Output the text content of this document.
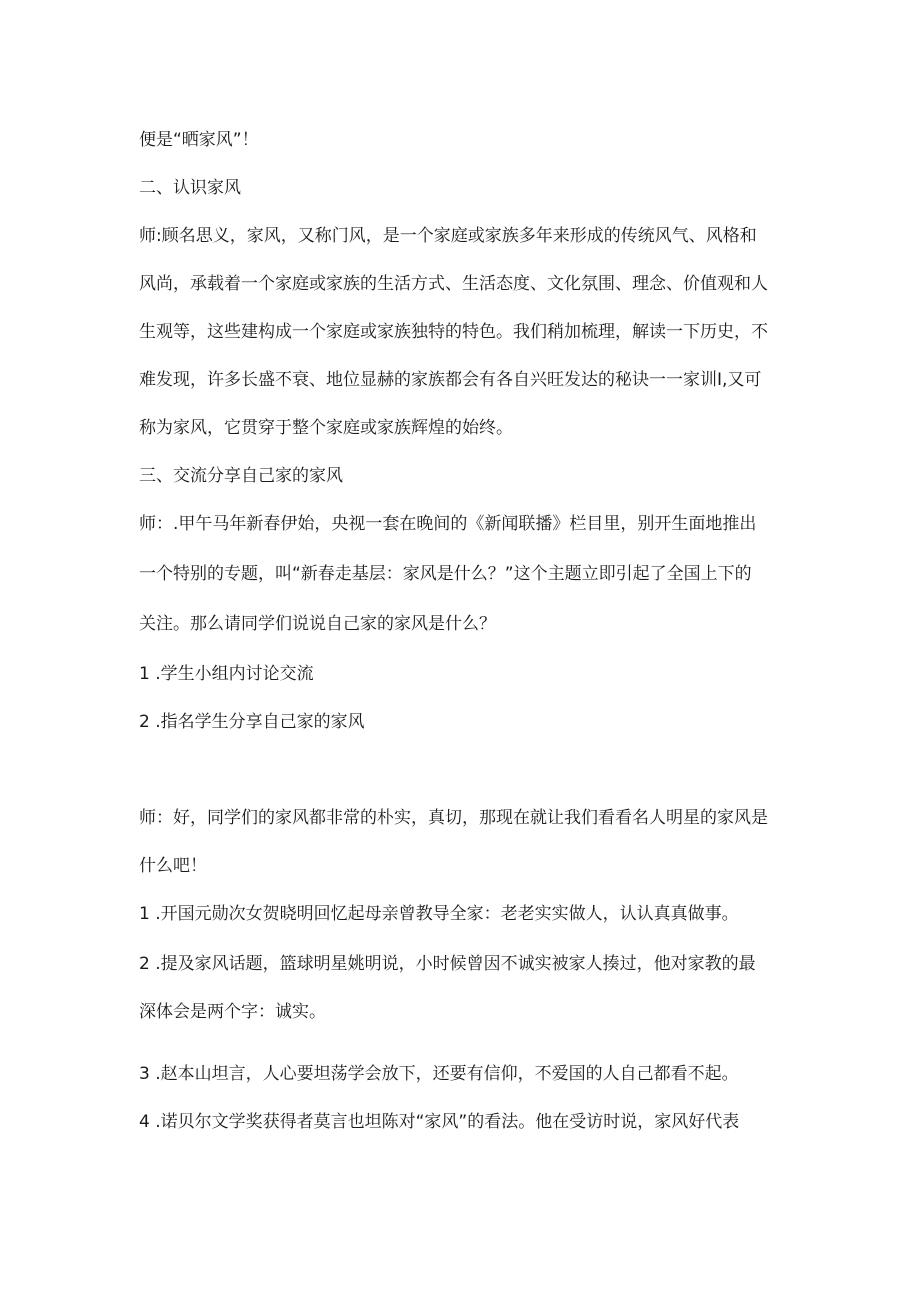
便是“晒家风”！
二、认识家风
师:顾名思义，家风，又称门风，是一个家庭或家族多年来形成的传统风气、风格和
风尚，承载着一个家庭或家族的生活方式、生活态度、文化氛围、理念、价值观和人
生观等，这些建构成一个家庭或家族独特的特色。我们稍加梳理，解读一下历史，不
难发现，许多长盛不衰、地位显赫的家族都会有各自兴旺发达的秘诀一一家训Ⅰ,又可
称为家风，它贯穿于整个家庭或家族辉煌的始终。
三、交流分享自己家的家风
师：.甲午马年新春伊始，央视一套在晚间的《新闻联播》栏目里，别开生面地推出
一个特别的专题，叫“新春走基层：家风是什么？”这个主题立即引起了全国上下的
关注。那么请同学们说说自己家的家风是什么？
1 .学生小组内讨论交流
2 .指名学生分享自己家的家风
师：好，同学们的家风都非常的朴实，真切，那现在就让我们看看名人明星的家风是
什么吧！
1 .开国元勋次女贺晓明回忆起母亲曾教导全家：老老实实做人，认认真真做事。
2 .提及家风话题，篮球明星姚明说，小时候曾因不诚实被家人揍过，他对家教的最
深体会是两个字：诚实。
3 .赵本山坦言，人心要坦荡学会放下，还要有信仰，不爱国的人自己都看不起。
4 .诺贝尔文学奖获得者莫言也坦陈对“家风”的看法。他在受访时说，家风好代表
